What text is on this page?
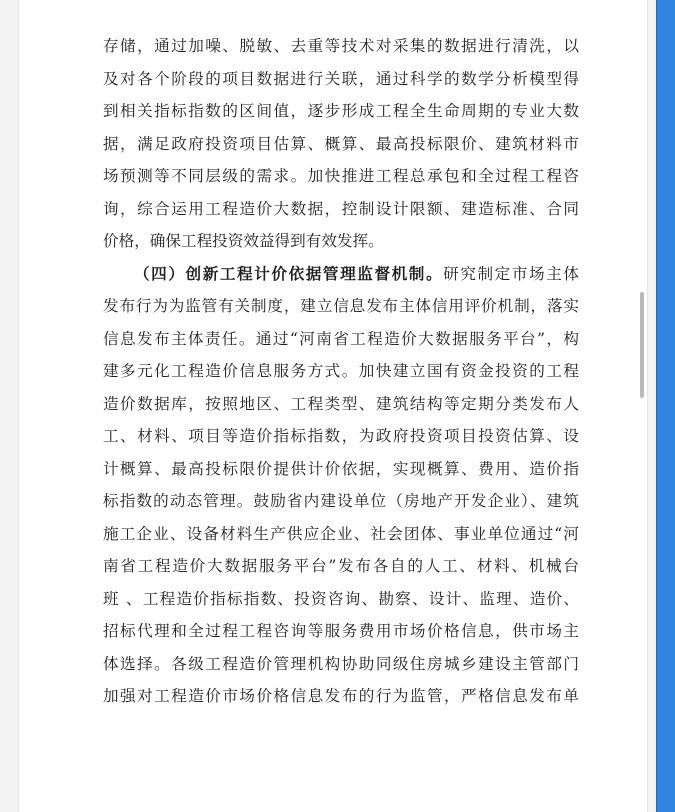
存储，通过加噪、脱敏、去重等技术对采集的数据进行清洗，以
及对各个阶段的项目数据进行关联，通过科学的数学分析模型得
到相关指标指数的区间值，逐步形成工程全生命周期的专业大数
据，满足政府投资项目估算、概算、最高投标限价、建筑材料市
场预测等不同层级的需求。加快推进工程总承包和全过程工程咨
询，综合运用工程造价大数据，控制设计限额、建造标准、合同
价格，确保工程投资效益得到有效发挥。
（四）创新工程计价依据管理监督机制。研究制定市场主体
发布行为为监管有关制度，建立信息发布主体信用评价机制，落实
信息发布主体责任。通过“河南省工程造价大数据服务平台”，构
建多元化工程造价信息服务方式。加快建立国有资金投资的工程
造价数据库，按照地区、工程类型、建筑结构等定期分类发布人
工、材料、项目等造价指标指数，为政府投资项目投资估算、设
计概算、最高投标限价提供计价依据，实现概算、费用、造价指
标指数的动态管理。鼓励省内建设单位（房地产开发企业）、建筑
施工企业、设备材料生产供应企业、社会团体、事业单位通过“河
南省工程造价大数据服务平台”发布各自的人工、材料、机械台
班 、工程造价指标指数、投资咨询、勘察、设计、监理、造价、
招标代理和全过程工程咨询等服务费用市场价格信息，供市场主
体选择。各级工程造价管理机构协助同级住房城乡建设主管部门
加强对工程造价市场价格信息发布的行为监管，严格信息发布单
